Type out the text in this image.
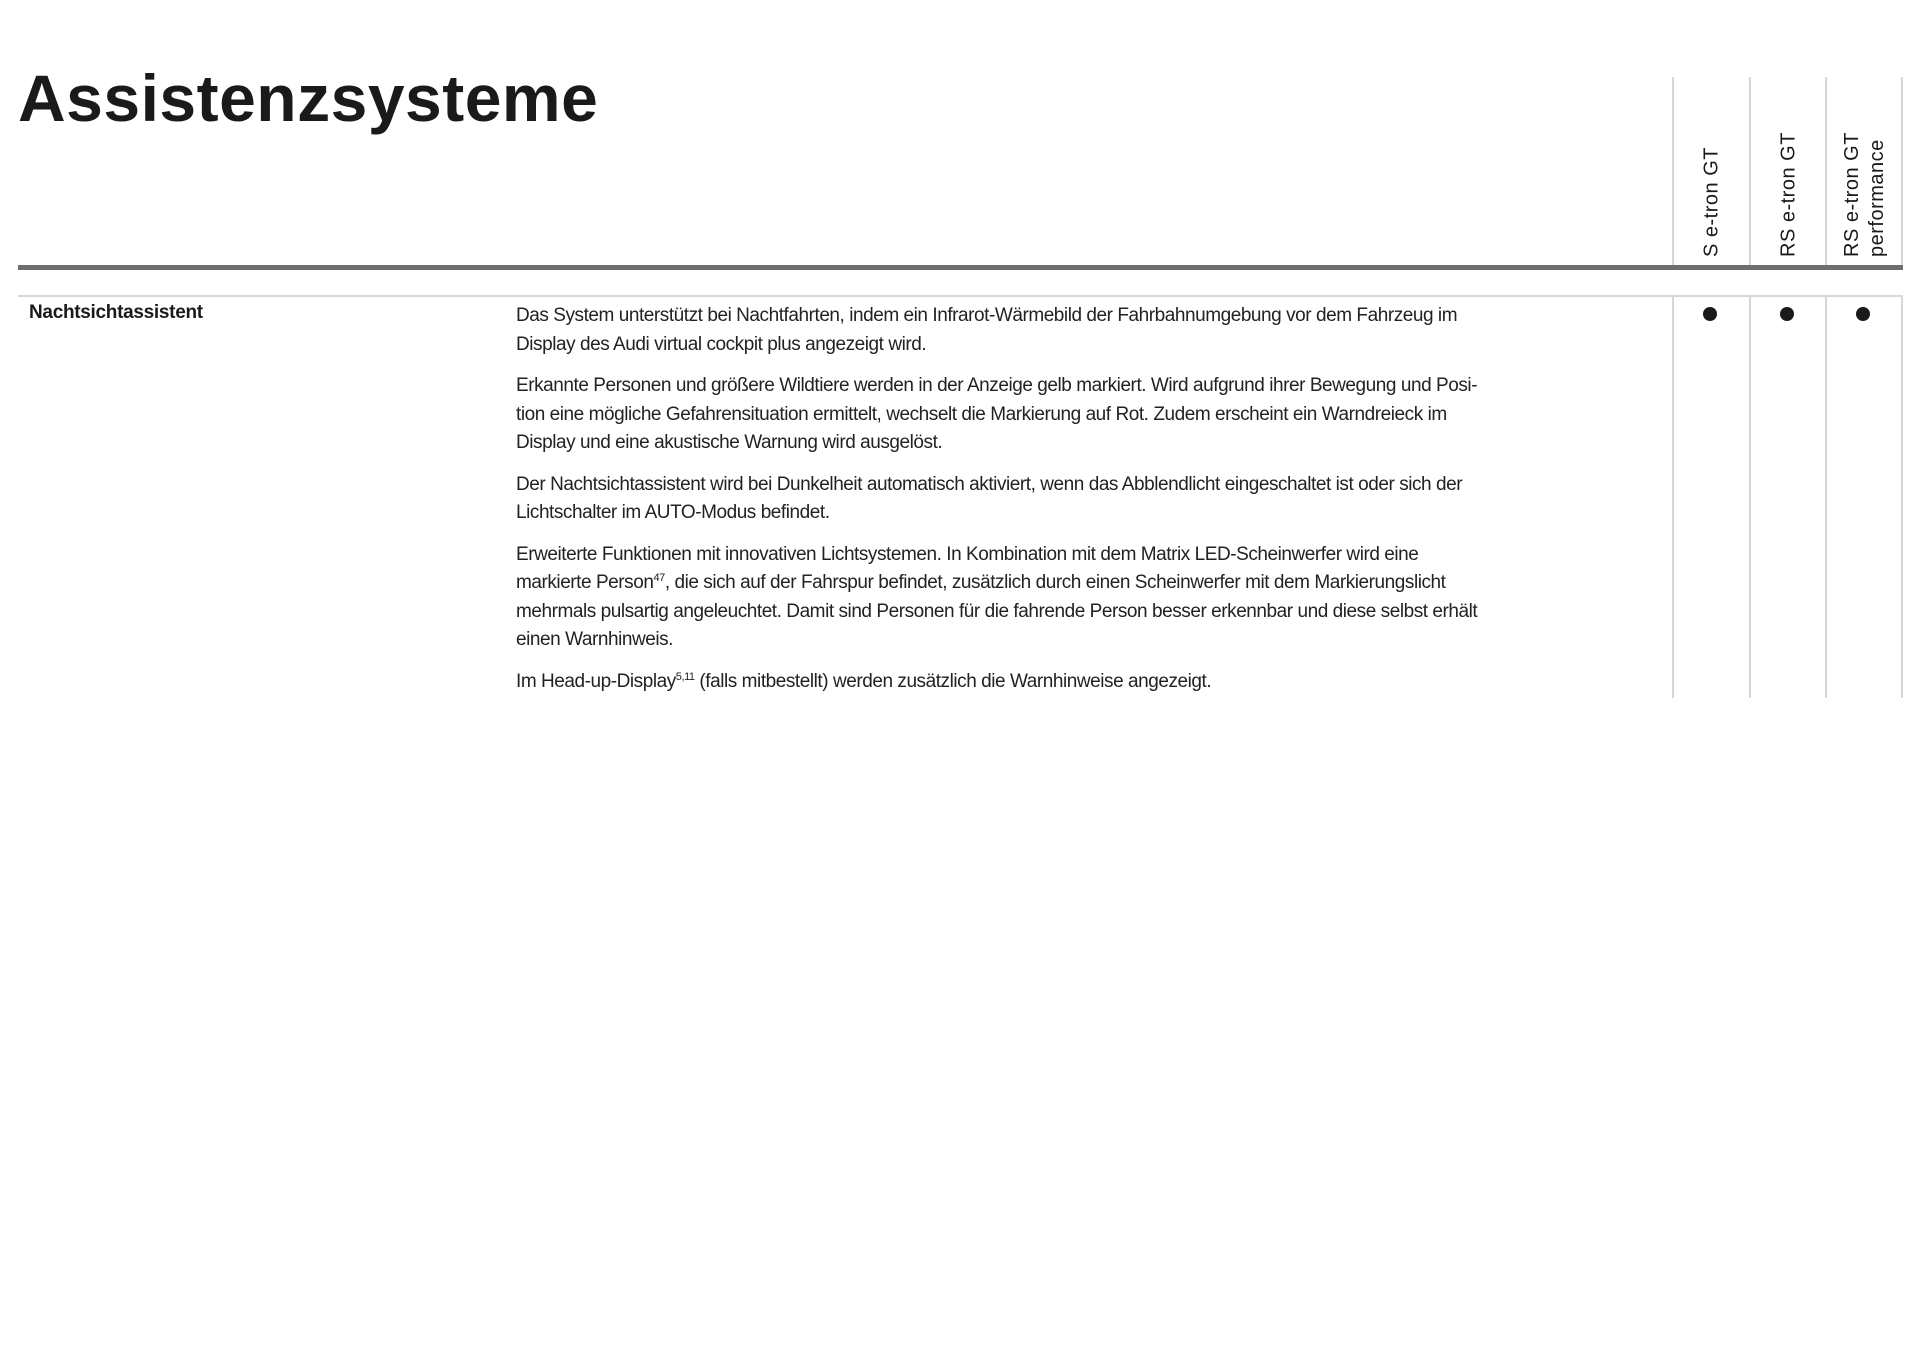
Assistenzsysteme
S e-tron GT	RS e-tron GT RS e-tron GT performance
Nachtsichtassistent	Das System unterstützt bei Nachtfahrten, indem ein Infrarot-Wärmebild der Fahrbahnumgebung vor dem Fahrzeug im
Display des Audi virtual cockpit plus angezeigt wird.
Erkannte Personen und größere Wildtiere werden in der Anzeige gelb markiert. Wird aufgrund ihrer Bewegung und Posi-
tion eine mögliche Gefahrensituation ermittelt, wechselt die Markierung auf Rot. Zudem erscheint ein Warndreieck im
Display und eine akustische Warnung wird ausgelöst.
Der Nachtsichtassistent wird bei Dunkelheit automatisch aktiviert, wenn das Abblendlicht eingeschaltet ist oder sich der
Lichtschalter im AUTO-Modus befindet.
Erweiterte Funktionen mit innovativen Lichtsystemen. In Kombination mit dem Matrix LED-Scheinwerfer wird eine
markierte Person$^{47}$, die sich auf der Fahrspur befindet, zusätzlich durch einen Scheinwerfer mit dem Markierungslicht
mehrmals pulsartig angeleuchtet. Damit sind Personen für die fahrende Person besser erkennbar und diese selbst erhält
einen Warnhinweis.
Im Head-up-Display$^{5,11}$ (falls mitbestellt) werden zusätzlich die Warnhinweise angezeigt.
